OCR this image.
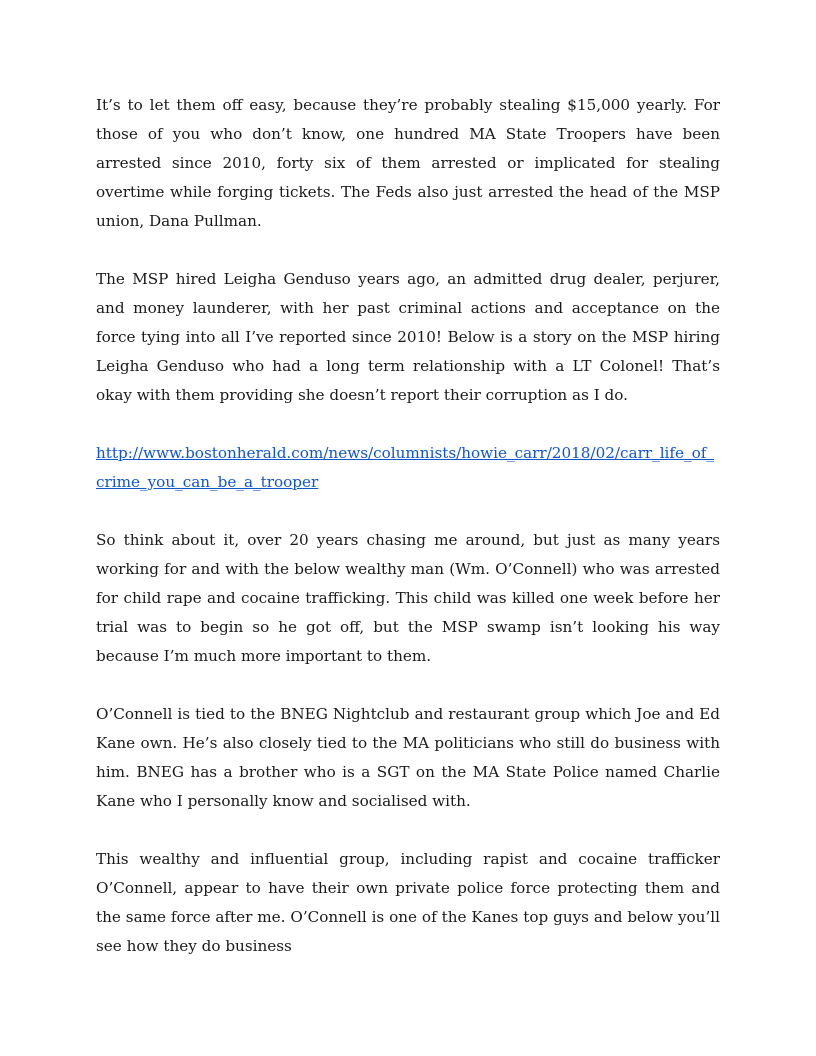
It’s to let them off easy, because they’re probably stealing $15,000 yearly. For those of you who don’t know, one hundred MA State Troopers have been arrested since 2010, forty six of them arrested or implicated for stealing overtime while forging tickets. The Feds also just arrested the head of the MSP union, Dana Pullman.

The MSP hired Leigha Genduso years ago, an admitted drug dealer, perjurer, and money launderer, with her past criminal actions and acceptance on the force tying into all I’ve reported since 2010! Below is a story on the MSP hiring Leigha Genduso who had a long term relationship with a LT Colonel! That’s okay with them providing she doesn’t report their corruption as I do.

http://www.bostonherald.com/news/columnists/howie_carr/2018/02/carr_life_of_crime_you_can_be_a_trooper

So think about it, over 20 years chasing me around, but just as many years working for and with the below wealthy man (Wm. O’Connell) who was arrested for child rape and cocaine trafficking. This child was killed one week before her trial was to begin so he got off, but the MSP swamp isn’t looking his way because I’m much more important to them.

O’Connell is tied to the BNEG Nightclub and restaurant group which Joe and Ed Kane own. He’s also closely tied to the MA politicians who still do business with him. BNEG has a brother who is a SGT on the MA State Police named Charlie Kane who I personally know and socialised with.

This wealthy and influential group, including rapist and cocaine trafficker O’Connell, appear to have their own private police force protecting them and the same force after me. O’Connell is one of the Kanes top guys and below you’ll see how they do business
